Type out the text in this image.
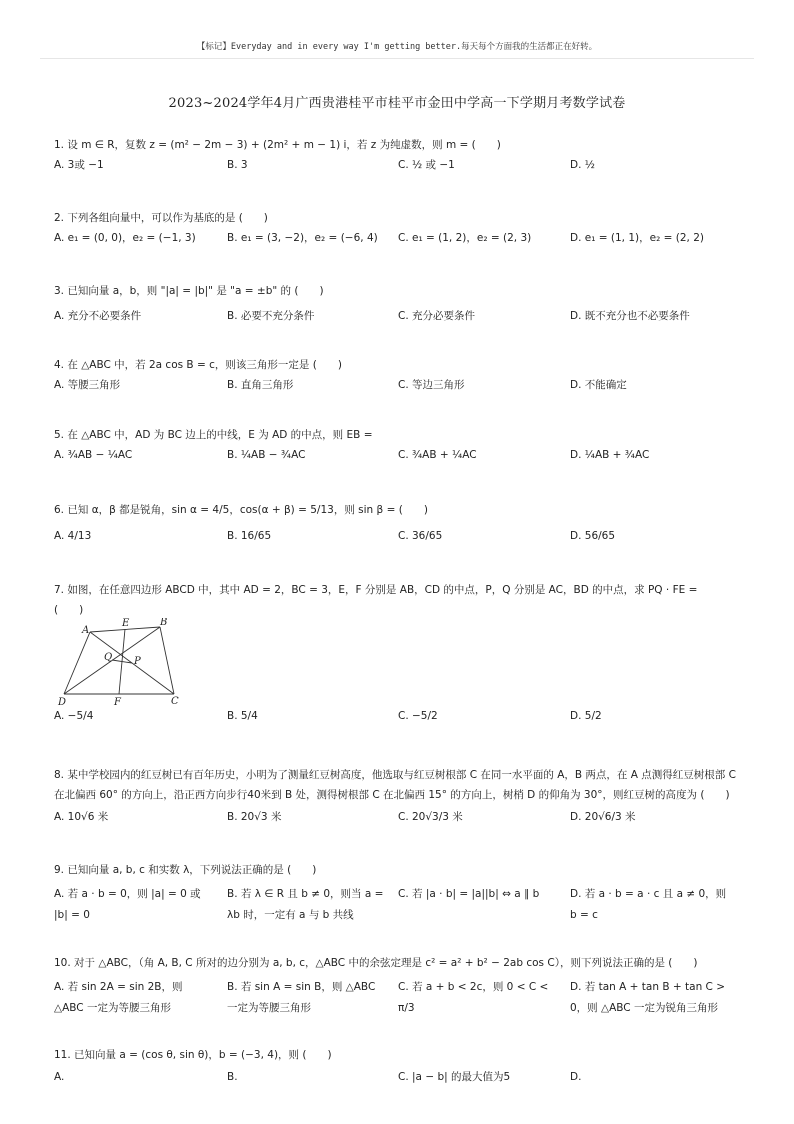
【标记】Everyday and in every way I'm getting better.每天每个方面我的生活都正在好转。
2023~2024学年4月广西贵港桂平市桂平市金田中学高一下学期月考数学试卷
1. 设 m ∈ R，复数 z = (m² − 2m − 3) + (2m² + m − 1) i，若 z 为纯虚数，则 m = (　　)
A. 3或 −1	B. 3	C. ½ 或 −1	D. ½
2. 下列各组向量中，可以作为基底的是 (　　)
A. e₁ = (0, 0)，e₂ = (−1, 3)	B. e₁ = (3, −2)，e₂ = (−6, 4) C. e₁ = (1, 2)，e₂ = (2, 3)	D. e₁ = (1, 1)，e₂ = (2, 2)
3. 已知向量 a，b，则 "|a| = |b|" 是 "a = ±b" 的 (　　)
A. 充分不必要条件	B. 必要不充分条件	C. 充分必要条件	D. 既不充分也不必要条件
4. 在 △ABC 中，若 2a cos B = c，则该三角形一定是 (　　)
A. 等腰三角形	B. 直角三角形	C. 等边三角形	D. 不能确定
5. 在 △ABC 中，AD 为 BC 边上的中线，E 为 AD 的中点，则 EB =
A. ¾AB − ¼AC	B. ¼AB − ¾AC	C. ¾AB + ¼AC	D. ¼AB + ¾AC
6. 已知 α，β 都是锐角，sin α = 4/5，cos(α + β) = 5/13，则 sin β = (　　)
A. 4/13	B. 16/65	C. 36/65	D. 56/65
7. 如图，在任意四边形 ABCD 中，其中 AD = 2，BC = 3，E，F 分别是 AB，CD 的中点，P，Q 分别是 AC，BD 的中点，求 PQ · FE = (　　)
A
E	B
Q P
D	F	C
A. −5/4	B. 5/4	C. −5/2	D. 5/2
8. 某中学校园内的红豆树已有百年历史，小明为了测量红豆树高度，他选取与红豆树根部 C 在同一水平面的 A，B 两点，在 A 点测得红豆树根部 C 在北偏西 60° 的方向上，沿正西方向步行40米到 B 处，测得树根部 C 在北偏西 15° 的方向上，树梢 D 的仰角为 30°，则红豆树的高度为 (　　)
A. 10√6 米	B. 20√3 米	C. 20√3/3 米	D. 20√6/3 米
9. 已知向量 a, b, c 和实数 λ，下列说法正确的是 (　　)
A. 若 a · b = 0，则 |a| = 0 或 |b| = 0
B. 若 λ ∈ R 且 b ≠ 0，则当 a = λb 时，一定有 a 与 b 共线
C. 若 |a · b| = |a||b| ⇔ a ∥ b	D. 若 a · b = a · c 且 a ≠ 0，则 b = c
10. 对于 △ABC，（角 A, B, C 所对的边分别为 a, b, c，△ABC 中的余弦定理是 c² = a² + b² − 2ab cos C），则下列说法正确的是 (　　)
A. 若 sin 2A = sin 2B，则 △ABC 一定为等腰三角形
B. 若 sin A = sin B，则 △ABC 一定为等腰三角形
C. 若 a + b < 2c，则 0 < C < π/3
D. 若 tan A + tan B + tan C > 0，则 △ABC 一定为锐角三角形
11. 已知向量 a = (cos θ, sin θ)，b = (−3, 4)，则 (　　)
A.	B.	C. |a − b| 的最大值为5	D.
